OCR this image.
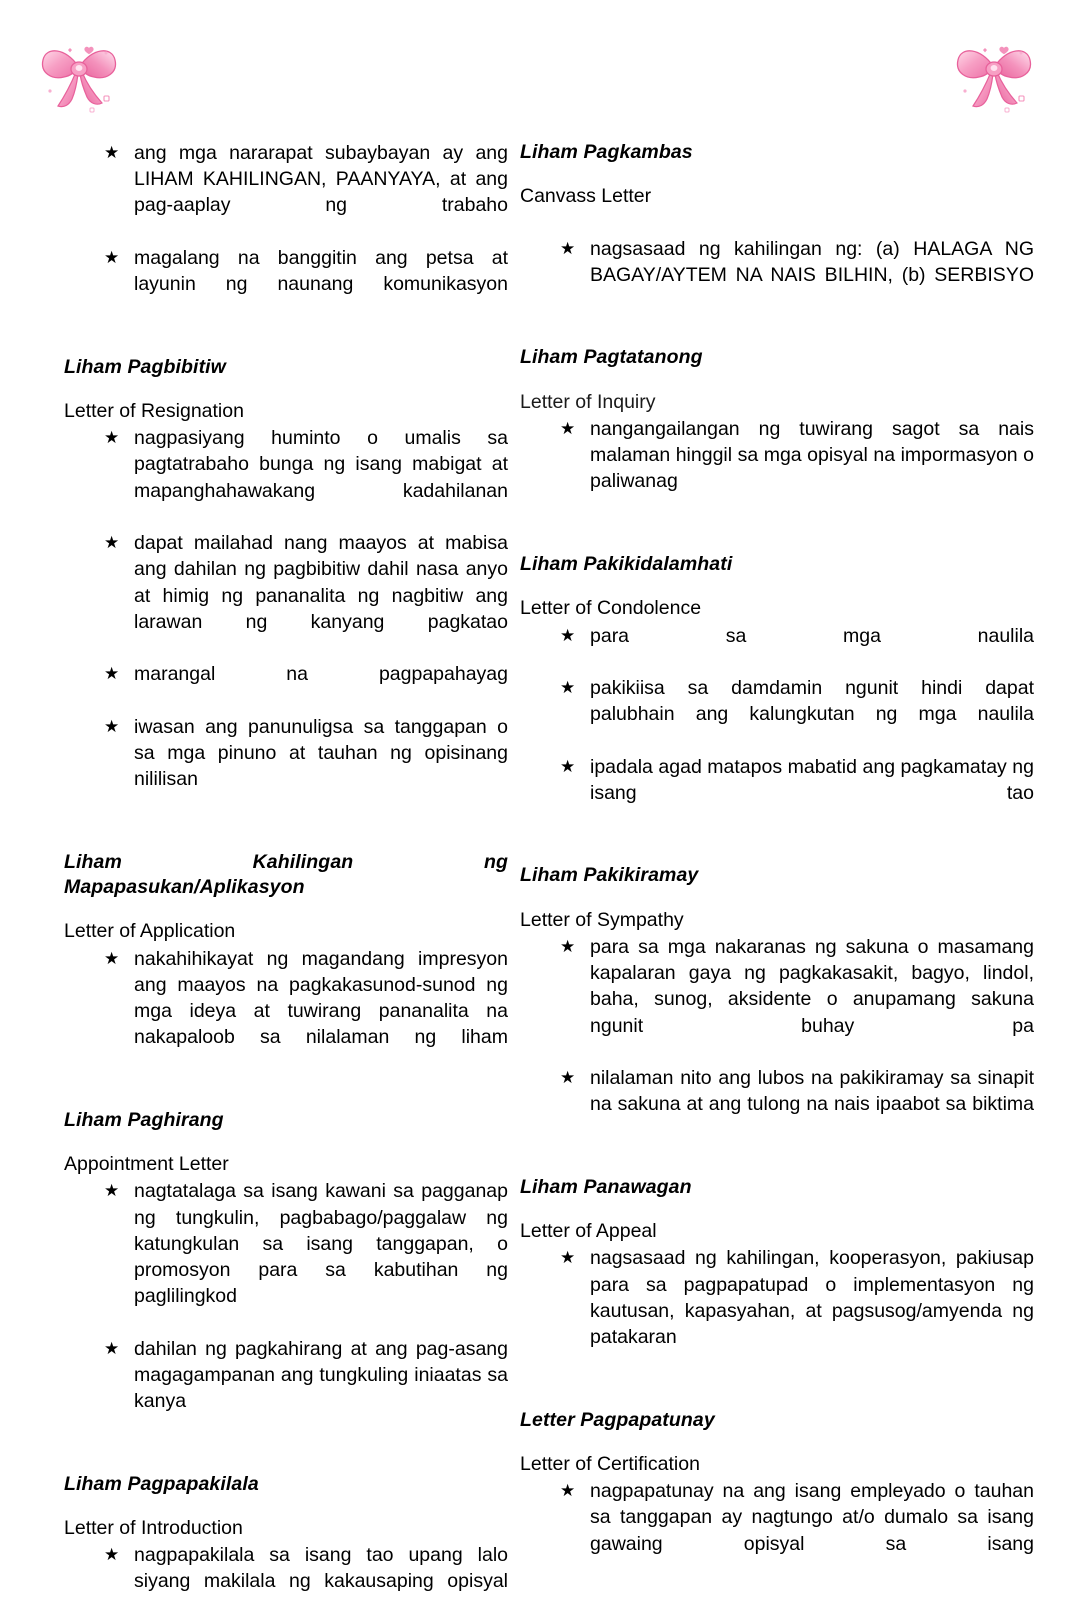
★ ang mga nararapat subaybayan ay ang LIHAM KAHILINGAN, PAANYAYA, at ang pag-aaplay ng trabaho
★ magalang na banggitin ang petsa at layunin ng naunang komunikasyon
Liham Pagbibitiw
Letter of Resignation
★ nagpasiyang huminto o umalis sa pagtatrabaho bunga ng isang mabigat at mapanghahawakang kadahilanan
★ dapat mailahad nang maayos at mabisa ang dahilan ng pagbibitiw dahil nasa anyo at himig ng pananalita ng nagbitiw ang larawan ng kanyang pagkatao
★ marangal na pagpapahayag
★ iwasan ang panunuligsa sa tanggapan o sa mga pinuno at tauhan ng opisinang nililisan
Liham	Kahilingan	ng
Mapapasukan/Aplikasyon
Letter of Application
★ nakahihikayat ng magandang impresyon ang maayos na pagkakasunod-sunod ng mga ideya at tuwirang pananalita na nakapaloob sa nilalaman ng liham
Liham Paghirang
Appointment Letter
★ nagtatalaga sa isang kawani sa pagganap ng tungkulin, pagbabago/paggalaw ng katungkulan sa isang tanggapan, o promosyon para sa kabutihan ng paglilingkod
★ dahilan ng pagkahirang at ang pag-asang magagampanan ang tungkuling iniaatas sa kanya
Liham Pagpapakilala
Letter of Introduction
★ nagpapakilala sa isang tao upang lalo siyang makilala ng kakausaping opisyal
Liham Pagkambas
Canvass Letter
★ nagsasaad ng kahilingan ng: (a) HALAGA NG BAGAY/AYTEM NA NAIS BILHIN, (b) SERBISYO
Liham Pagtatanong
Letter of Inquiry
★ nangangailangan ng tuwirang sagot sa nais malaman hinggil sa mga opisyal na impormasyon o paliwanag
Liham Pakikidalamhati
Letter of Condolence
★ para sa mga naulila
★ pakikiisa sa damdamin ngunit hindi dapat palubhain ang kalungkutan ng mga naulila
★ ipadala agad matapos mabatid ang pagkamatay ng isang tao
Liham Pakikiramay
Letter of Sympathy
★ para sa mga nakaranas ng sakuna o masamang kapalaran gaya ng pagkakasakit, bagyo, lindol, baha, sunog, aksidente o anupamang sakuna ngunit buhay pa
★ nilalaman nito ang lubos na pakikiramay sa sinapit na sakuna at ang tulong na nais ipaabot sa biktima
Liham Panawagan
Letter of Appeal
★ nagsasaad ng kahilingan, kooperasyon, pakiusap para sa pagpapatupad o implementasyon ng kautusan, kapasyahan, at pagsusog/amyenda ng patakaran
Letter Pagpapatunay
Letter of Certification
★ nagpapatunay na ang isang empleyado o tauhan sa tanggapan ay nagtungo at/o dumalo sa isang gawaing opisyal sa isang
